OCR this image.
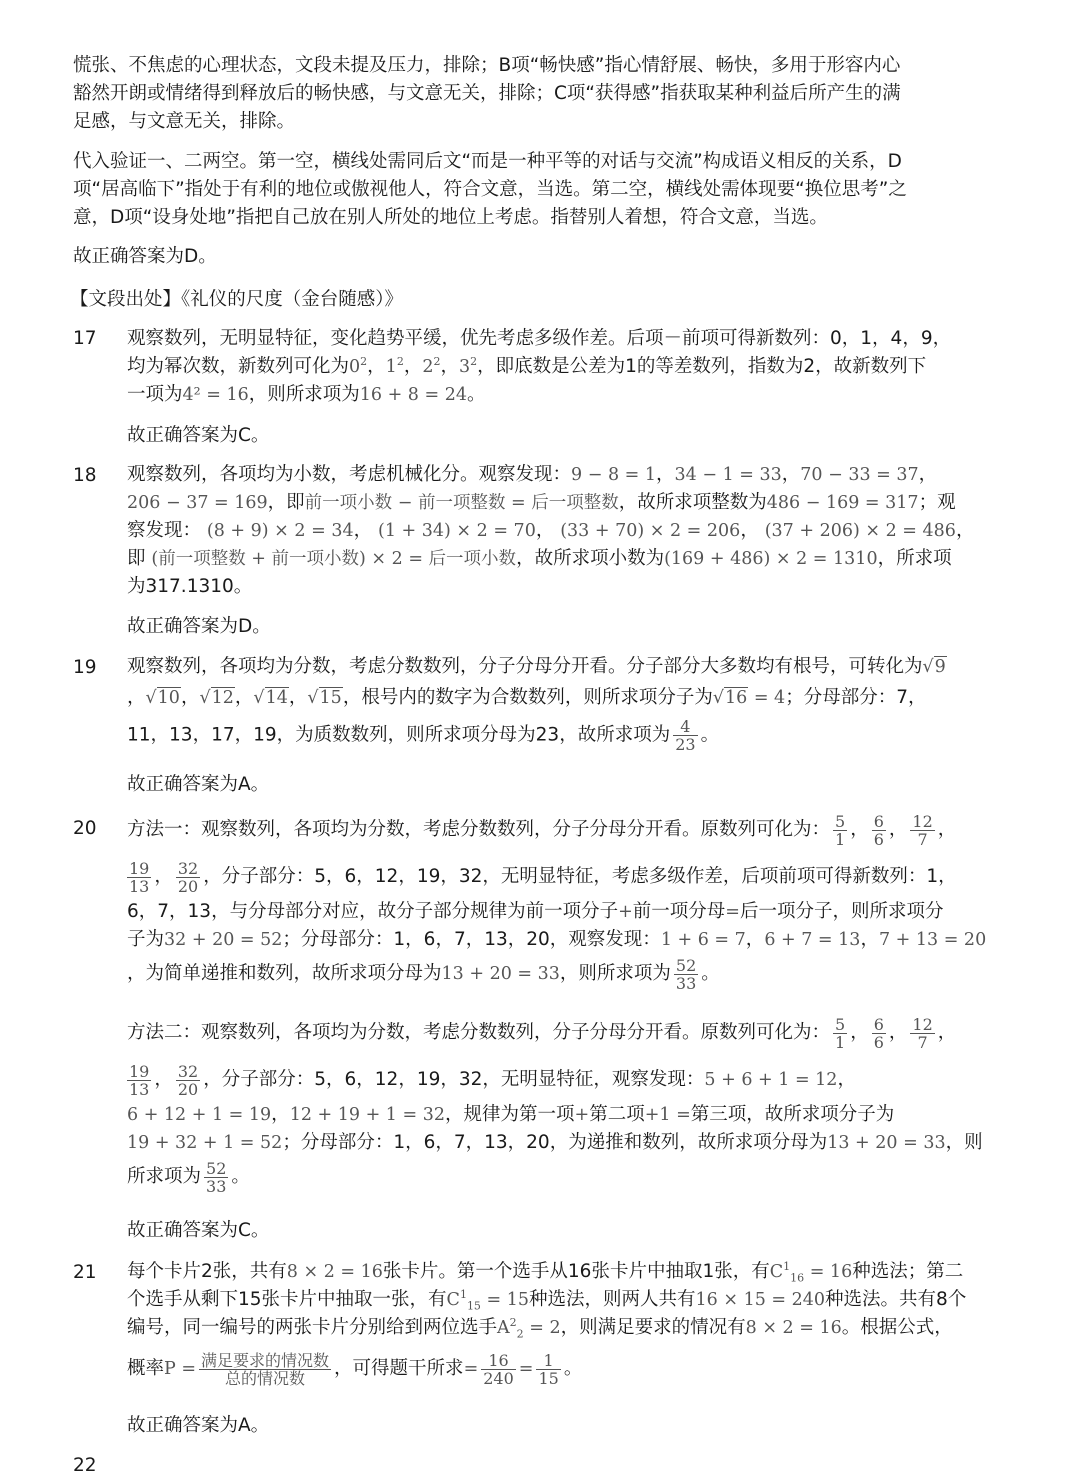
慌张、不焦虑的心理状态，文段未提及压力，排除；B项“畅快感”指心情舒展、畅快，多用于形容内心
豁然开朗或情绪得到释放后的畅快感，与文意无关，排除；C项“获得感”指获取某种利益后所产生的满
足感，与文意无关，排除。
代入验证一、二两空。第一空，横线处需同后文“而是一种平等的对话与交流”构成语义相反的关系，D
项“居高临下”指处于有利的地位或傲视他人，符合文意，当选。第二空，横线处需体现要“换位思考”之
意，D项“设身处地”指把自己放在别人所处的地位上考虑。指替别人着想，符合文意，当选。
故正确答案为D。
【文段出处】《礼仪的尺度（金台随感）》
17 观察数列，无明显特征，变化趋势平缓，优先考虑多级作差。后项－前项可得新数列：0，1，4，9，
均为幂次数，新数列可化为$0^2$，$1^2$，$2^2$，$3^2$，即底数是公差为1的等差数列，指数为2，故新数列下
一项为4² = 16，则所求项为16 + 8 = 24。
故正确答案为C。
18 观察数列，各项均为小数，考虑机械化分。观察发现：9 − 8 = 1，34 − 1 = 33，70 − 33 = 37，
206 − 37 = 169，即前一项小数 − 前一项整数 = 后一项整数，故所求项整数为486 − 169 = 317；观
察发现： (8 + 9) × 2 = 34， (1 + 34) × 2 = 70， (33 + 70) × 2 = 206， (37 + 206) × 2 = 486，
即 (前一项整数 + 前一项小数) × 2 = 后一项小数，故所求项小数为(169 + 486) × 2 = 1310，所求项
为317.1310。
故正确答案为D。
19 观察数列，各项均为分数，考虑分数数列，分子分母分开看。分子部分大多数均有根号，可转化为√9
，√10，√12，√14，√15，根号内的数字为合数数列，则所求项分子为√16 = 4；分母部分：7，
11，13，17，19，为质数数列，则所求项分母为23，故所求项为 $\frac{4}{23}$ 。
故正确答案为A。
20 方法一：观察数列，各项均为分数，考虑分数数列，分子分母分开看。原数列可化为： $\frac{5}{1}$ ， $\frac{6}{6}$ ， $\frac{12}{7}$ ，
$\frac{19}{13}$ ， $\frac{32}{20}$ ，分子部分：5，6，12，19，32，无明显特征，考虑多级作差，后项前项可得新数列：1，
6，7，13，与分母部分对应，故分子部分规律为前一项分子+前一项分母=后一项分子，则所求项分
子为32 + 20 = 52；分母部分：1，6，7，13，20，观察发现：1 + 6 = 7，6 + 7 = 13，7 + 13 = 20
，为简单递推和数列，故所求项分母为13 + 20 = 33，则所求项为 $\frac{52}{33}$ 。
方法二：观察数列，各项均为分数，考虑分数数列，分子分母分开看。原数列可化为： $\frac{5}{1}$ ， $\frac{6}{6}$ ， $\frac{12}{7}$ ，
$\frac{19}{13}$ ， $\frac{32}{20}$ ，分子部分：5，6，12，19，32，无明显特征，观察发现：5 + 6 + 1 = 12，
6 + 12 + 1 = 19，12 + 19 + 1 = 32，规律为第一项+第二项+1 =第三项，故所求项分子为
19 + 32 + 1 = 52；分母部分：1，6，7，13，20，为递推和数列，故所求项分母为13 + 20 = 33，则
所求项为 $\frac{52}{33}$ 。
故正确答案为C。
21 每个卡片2张，共有8 × 2 = 16张卡片。第一个选手从16张卡片中抽取1张，有$C^1_{16} = 16$种选法；第二
个选手从剩下15张卡片中抽取一张，有$C^1_{15} = 15$种选法，则两人共有16 × 15 = 240种选法。共有8个
编号，同一编号的两张卡片分别给到两位选手$A^2_2 = 2$，则满足要求的情况有8 × 2 = 16。根据公式，
概率$P = \frac{\text{满足要求的情况数}}{\text{总的情况数}}$ ，可得题干所求= $\frac{16}{240} = \frac{1}{15}$ 。
故正确答案为A。
22
